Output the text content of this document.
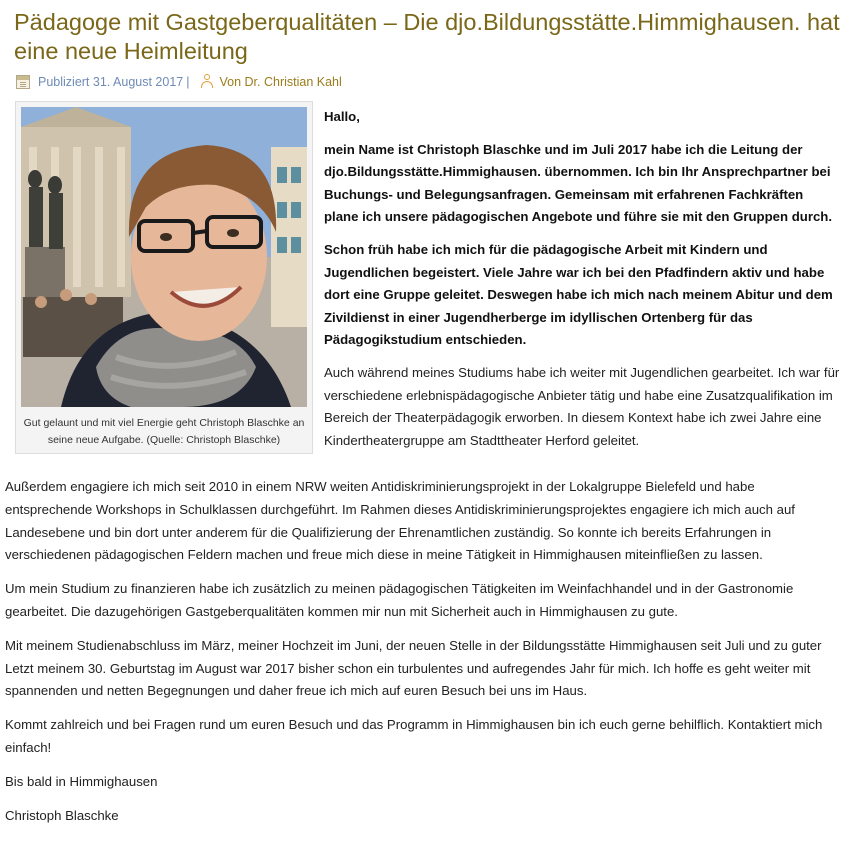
Pädagoge mit Gastgeberqualitäten – Die djo.Bildungsstätte.Himmighausen. hat eine neue Heimleitung
Publiziert 31. August 2017 | Von Dr. Christian Kahl
Gut gelaunt und mit viel Energie geht Christoph Blaschke an seine neue Aufgabe. (Quelle: Christoph Blaschke)

Hallo,

mein Name ist Christoph Blaschke und im Juli 2017 habe ich die Leitung der djo.Bildungsstätte.Himmighausen. übernommen. Ich bin Ihr Ansprechpartner bei Buchungs- und Belegungsanfragen. Gemeinsam mit erfahrenen Fachkräften plane ich unsere pädagogischen Angebote und führe sie mit den Gruppen durch.

Schon früh habe ich mich für die pädagogische Arbeit mit Kindern und Jugendlichen begeistert. Viele Jahre war ich bei den Pfadfindern aktiv und habe dort eine Gruppe geleitet. Deswegen habe ich mich nach meinem Abitur und dem Zivildienst in einer Jugendherberge im idyllischen Ortenberg für das Pädagogikstudium entschieden.

Auch während meines Studiums habe ich weiter mit Jugendlichen gearbeitet. Ich war für verschiedene erlebnispädagogische Anbieter tätig und habe eine Zusatzqualifikation im Bereich der Theaterpädagogik erworben. In diesem Kontext habe ich zwei Jahre eine Kindertheatergruppe am Stadttheater Herford geleitet.

Außerdem engagiere ich mich seit 2010 in einem NRW weiten Antidiskriminierungsprojekt in der Lokalgruppe Bielefeld und habe entsprechende Workshops in Schulklassen durchgeführt. Im Rahmen dieses Antidiskriminierungsprojektes engagiere ich mich auch auf Landesebene und bin dort unter anderem für die Qualifizierung der Ehrenamtlichen zuständig. So konnte ich bereits Erfahrungen in verschiedenen pädagogischen Feldern machen und freue mich diese in meine Tätigkeit in Himmighausen miteinfließen zu lassen.

Um mein Studium zu finanzieren habe ich zusätzlich zu meinen pädagogischen Tätigkeiten im Weinfachhandel und in der Gastronomie gearbeitet. Die dazugehörigen Gastgeberqualitäten kommen mir nun mit Sicherheit auch in Himmighausen zu gute.

Mit meinem Studienabschluss im März, meiner Hochzeit im Juni, der neuen Stelle in der Bildungsstätte Himmighausen seit Juli und zu guter Letzt meinem 30. Geburtstag im August war 2017 bisher schon ein turbulentes und aufregendes Jahr für mich. Ich hoffe es geht weiter mit spannenden und netten Begegnungen und daher freue ich mich auf euren Besuch bei uns im Haus.

Kommt zahlreich und bei Fragen rund um euren Besuch und das Programm in Himmighausen bin ich euch gerne behilflich. Kontaktiert mich einfach!

Bis bald in Himmighausen

Christoph Blaschke
